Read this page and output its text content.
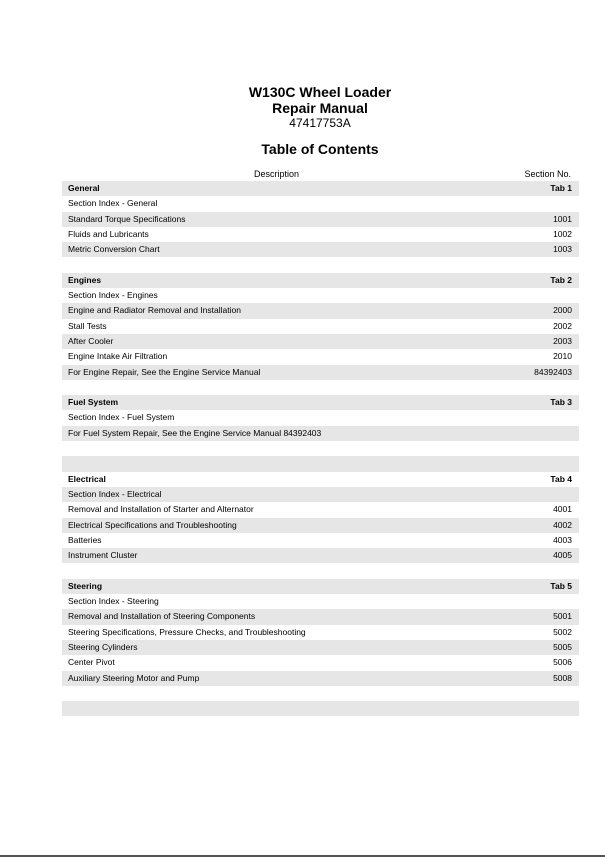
W130C Wheel Loader
Repair Manual
47417753A
Table of Contents
Description	Section No.
General	Tab 1
Section Index - General
Standard Torque Specifications	1001
Fluids and Lubricants	1002
Metric Conversion Chart	1003
Engines	Tab 2
Section Index - Engines
Engine and Radiator Removal and Installation	2000
Stall Tests	2002
After Cooler	2003
Engine Intake Air Filtration	2010
For Engine Repair, See the Engine Service Manual	84392403
Fuel System	Tab 3
Section Index - Fuel System
For Fuel System Repair, See the Engine Service Manual 84392403
Electrical	Tab 4
Section Index - Electrical
Removal and Installation of Starter and Alternator	4001
Electrical Specifications and Troubleshooting	4002
Batteries	4003
Instrument Cluster	4005
Steering	Tab 5
Section Index - Steering
Removal and Installation of Steering Components	5001
Steering Specifications, Pressure Checks, and Troubleshooting	5002
Steering Cylinders	5005
Center Pivot	5006
Auxiliary Steering Motor and Pump	5008
